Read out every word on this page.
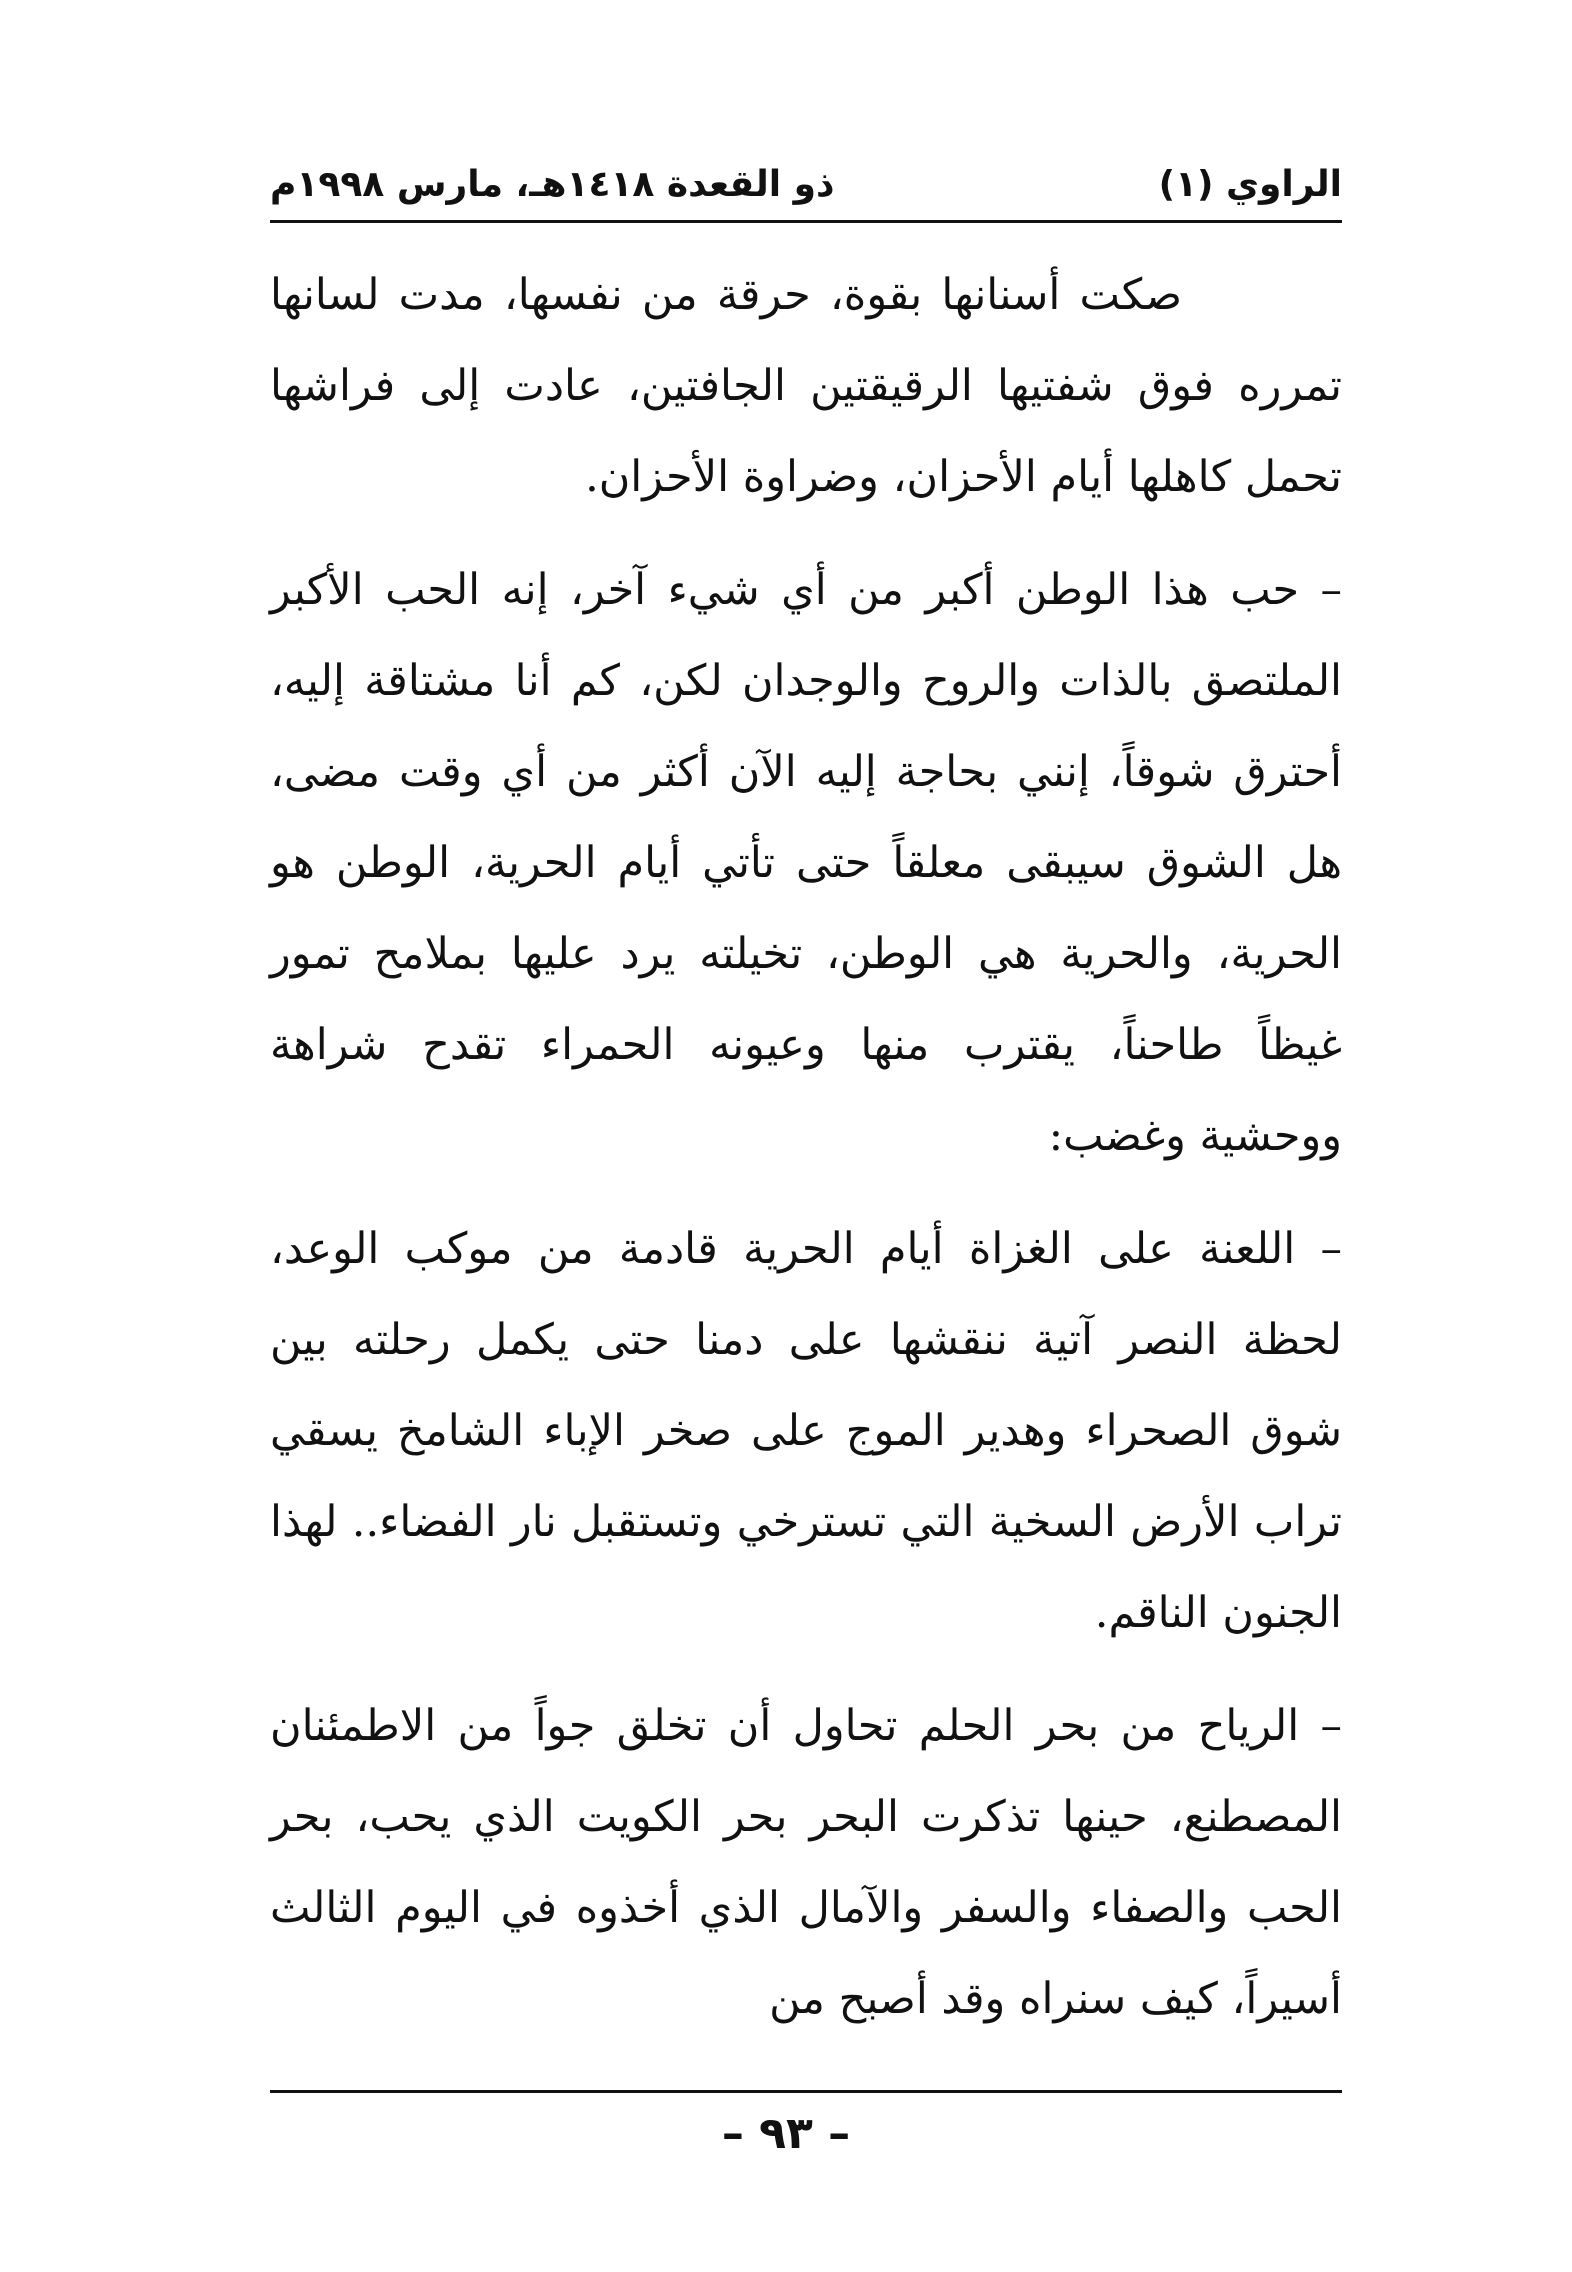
الراوي (١)
ذو القعدة ١٤١٨هـ، مارس ١٩٩٨م

صكت أسنانها بقوة، حرقة من نفسها، مدت لسانها تمرره فوق شفتيها الرقيقتين الجافتين، عادت إلى فراشها تحمل كاهلها أيام الأحزان، وضراوة الأحزان.

– حب هذا الوطن أكبر من أي شيء آخر، إنه الحب الأكبر الملتصق بالذات والروح والوجدان لكن، كم أنا مشتاقة إليه، أحترق شوقاً، إنني بحاجة إليه الآن أكثر من أي وقت مضى، هل الشوق سيبقى معلقاً حتى تأتي أيام الحرية، الوطن هو الحرية، والحرية هي الوطن، تخيلته يرد عليها بملامح تمور غيظاً طاحناً، يقترب منها وعيونه الحمراء تقدح شراهة ووحشية وغضب:

– اللعنة على الغزاة أيام الحرية قادمة من موكب الوعد، لحظة النصر آتية ننقشها على دمنا حتى يكمل رحلته بين شوق الصحراء وهدير الموج على صخر الإباء الشامخ يسقي تراب الأرض السخية التي تسترخي وتستقبل نار الفضاء.. لهذا الجنون الناقم.

– الرياح من بحر الحلم تحاول أن تخلق جواً من الاطمئنان المصطنع، حينها تذكرت البحر بحر الكويت الذي يحب، بحر الحب والصفاء والسفر والآمال الذي أخذوه في اليوم الثالث أسيراً، كيف سنراه وقد أصبح من

– ٩٣ –
